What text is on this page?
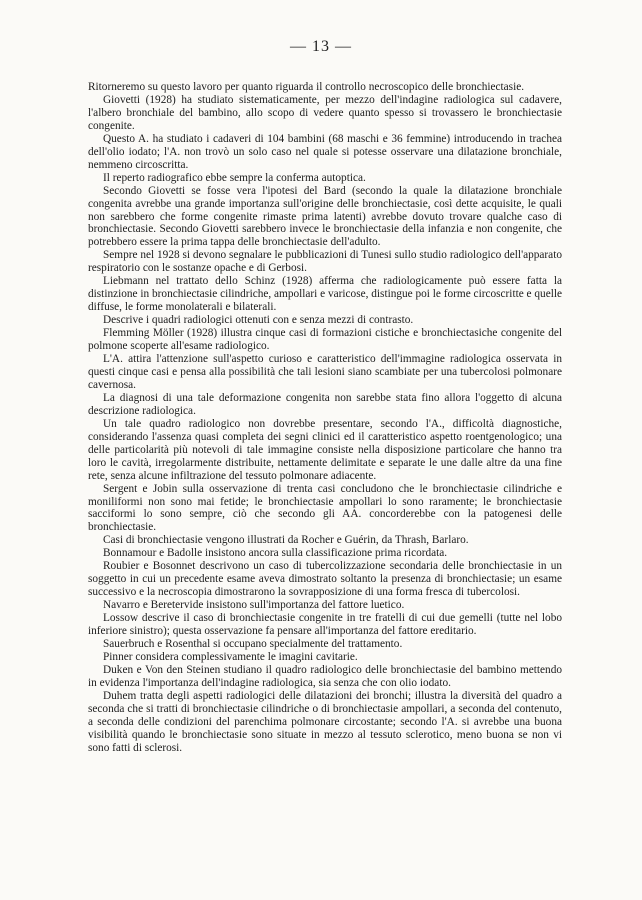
— 13 —

Ritorneremo su questo lavoro per quanto riguarda il controllo necroscopico delle bronchiectasie.

Giovetti (1928) ha studiato sistematicamente, per mezzo dell'indagine radiologica sul cadavere, l'albero bronchiale del bambino, allo scopo di vedere quanto spesso si trovassero le bronchiectasie congenite.

Questo A. ha studiato i cadaveri di 104 bambini (68 maschi e 36 femmine) introducendo in trachea dell'olio iodato; l'A. non trovò un solo caso nel quale si potesse osservare una dilatazione bronchiale, nemmeno circoscritta.

Il reperto radiografico ebbe sempre la conferma autoptica.

Secondo Giovetti se fosse vera l'ipotesi del Bard (secondo la quale la dilatazione bronchiale congenita avrebbe una grande importanza sull'origine delle bronchiectasie, così dette acquisite, le quali non sarebbero che forme congenite rimaste prima latenti) avrebbe dovuto trovare qualche caso di bronchiectasie. Secondo Giovetti sarebbero invece le bronchiectasie della infanzia e non congenite, che potrebbero essere la prima tappa delle bronchiectasie dell'adulto.

Sempre nel 1928 si devono segnalare le pubblicazioni di Tunesi sullo studio radiologico dell'apparato respiratorio con le sostanze opache e di Gerbosi.

Liebmann nel trattato dello Schinz (1928) afferma che radiologicamente può essere fatta la distinzione in bronchiectasie cilindriche, ampollari e varicose, distingue poi le forme circoscritte e quelle diffuse, le forme monolaterali e bilaterali.

Descrive i quadri radiologici ottenuti con e senza mezzi di contrasto.

Flemming Möller (1928) illustra cinque casi di formazioni cistiche e bronchiectasiche congenite del polmone scoperte all'esame radiologico.

L'A. attira l'attenzione sull'aspetto curioso e caratteristico dell'immagine radiologica osservata in questi cinque casi e pensa alla possibilità che tali lesioni siano scambiate per una tubercolosi polmonare cavernosa.

La diagnosi di una tale deformazione congenita non sarebbe stata fino allora l'oggetto di alcuna descrizione radiologica.

Un tale quadro radiologico non dovrebbe presentare, secondo l'A., difficoltà diagnostiche, considerando l'assenza quasi completa dei segni clinici ed il caratteristico aspetto roentgenologico; una delle particolarità più notevoli di tale immagine consiste nella disposizione particolare che hanno tra loro le cavità, irregolarmente distribuite, nettamente delimitate e separate le une dalle altre da una fine rete, senza alcune infiltrazione del tessuto polmonare adiacente.

Sergent e Jobin sulla osservazione di trenta casi concludono che le bronchiectasie cilindriche e moniliformi non sono mai fetide; le bronchiectasie ampollari lo sono raramente; le bronchiectasie sacciformi lo sono sempre, ciò che secondo gli AA. concorderebbe con la patogenesi delle bronchiectasie.

Casi di bronchiectasie vengono illustrati da Rocher e Guérin, da Thrash, Barlaro.

Bonnamour e Badolle insistono ancora sulla classificazione prima ricordata.

Roubier e Bosonnet descrivono un caso di tubercolizzazione secondaria delle bronchiectasie in un soggetto in cui un precedente esame aveva dimostrato soltanto la presenza di bronchiectasie; un esame successivo e la necroscopia dimostrarono la sovrapposizione di una forma fresca di tubercolosi.

Navarro e Beretervide insistono sull'importanza del fattore luetico.

Lossow descrive il caso di bronchiectasie congenite in tre fratelli di cui due gemelli (tutte nel lobo inferiore sinistro); questa osservazione fa pensare all'importanza del fattore ereditario.

Sauerbruch e Rosenthal si occupano specialmente del trattamento.

Pinner considera complessivamente le imagini cavitarie.

Duken e Von den Steinen studiano il quadro radiologico delle bronchiectasie del bambino mettendo in evidenza l'importanza dell'indagine radiologica, sia senza che con olio iodato.

Duhem tratta degli aspetti radiologici delle dilatazioni dei bronchi; illustra la diversità del quadro a seconda che si tratti di bronchiectasie cilindriche o di bronchiectasie ampollari, a seconda del contenuto, a seconda delle condizioni del parenchima polmonare circostante; secondo l'A. si avrebbe una buona visibilità quando le bronchiectasie sono situate in mezzo al tessuto sclerotico, meno buona se non vi sono fatti di sclerosi.
